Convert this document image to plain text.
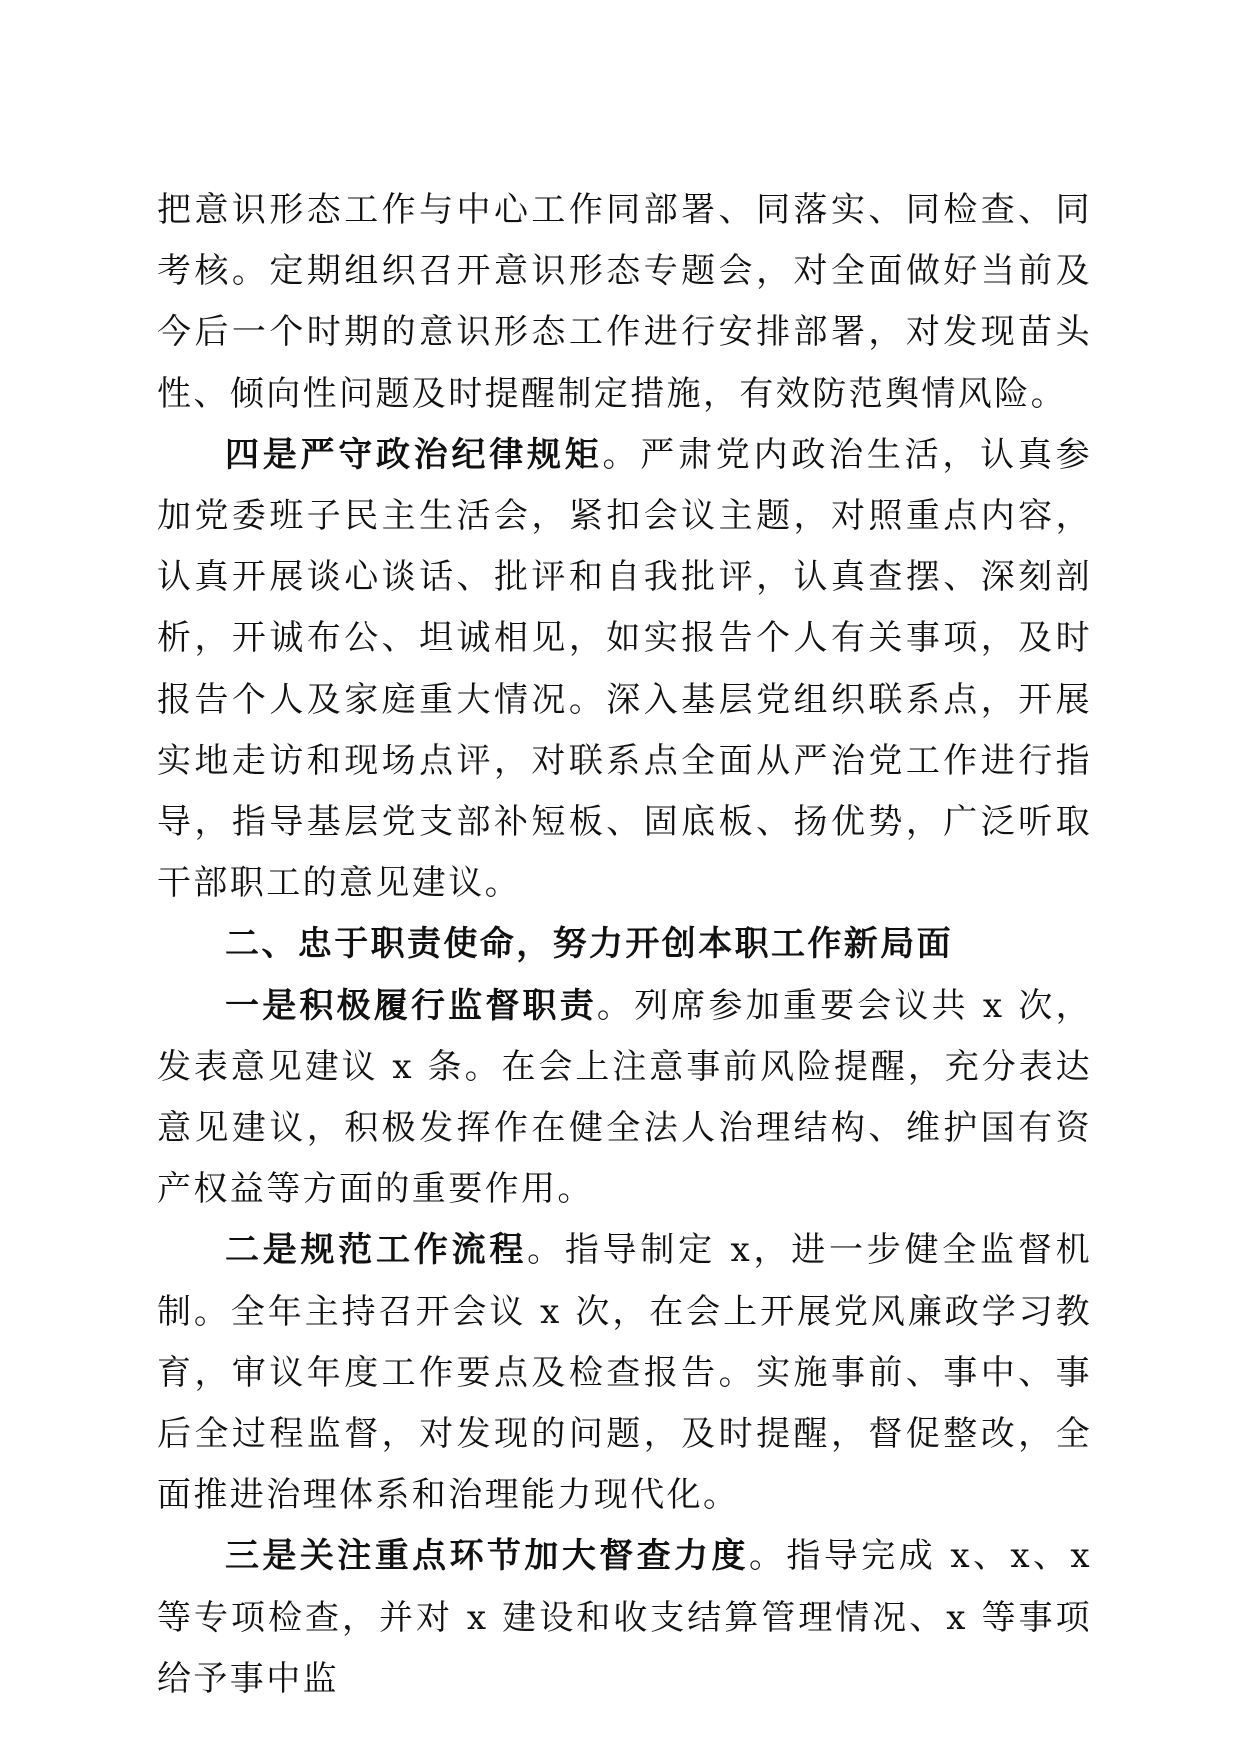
把意识形态工作与中心工作同部署、同落实、同检查、同考核。定期组织召开意识形态专题会，对全面做好当前及今后一个时期的意识形态工作进行安排部署，对发现苗头性、倾向性问题及时提醒制定措施，有效防范舆情风险。

四是严守政治纪律规矩。严肃党内政治生活，认真参加党委班子民主生活会，紧扣会议主题，对照重点内容，认真开展谈心谈话、批评和自我批评，认真查摆、深刻剖析，开诚布公、坦诚相见，如实报告个人有关事项，及时报告个人及家庭重大情况。深入基层党组织联系点，开展实地走访和现场点评，对联系点全面从严治党工作进行指导，指导基层党支部补短板、固底板、扬优势，广泛听取干部职工的意见建议。

二、忠于职责使命，努力开创本职工作新局面

一是积极履行监督职责。列席参加重要会议共 x 次，发表意见建议 x 条。在会上注意事前风险提醒，充分表达意见建议，积极发挥作在健全法人治理结构、维护国有资产权益等方面的重要作用。

二是规范工作流程。指导制定 x，进一步健全监督机制。全年主持召开会议 x 次，在会上开展党风廉政学习教育，审议年度工作要点及检查报告。实施事前、事中、事后全过程监督，对发现的问题，及时提醒，督促整改，全面推进治理体系和治理能力现代化。

三是关注重点环节加大督查力度。指导完成 x、x、x 等专项检查，并对 x 建设和收支结算管理情况、x 等事项给予事中监
